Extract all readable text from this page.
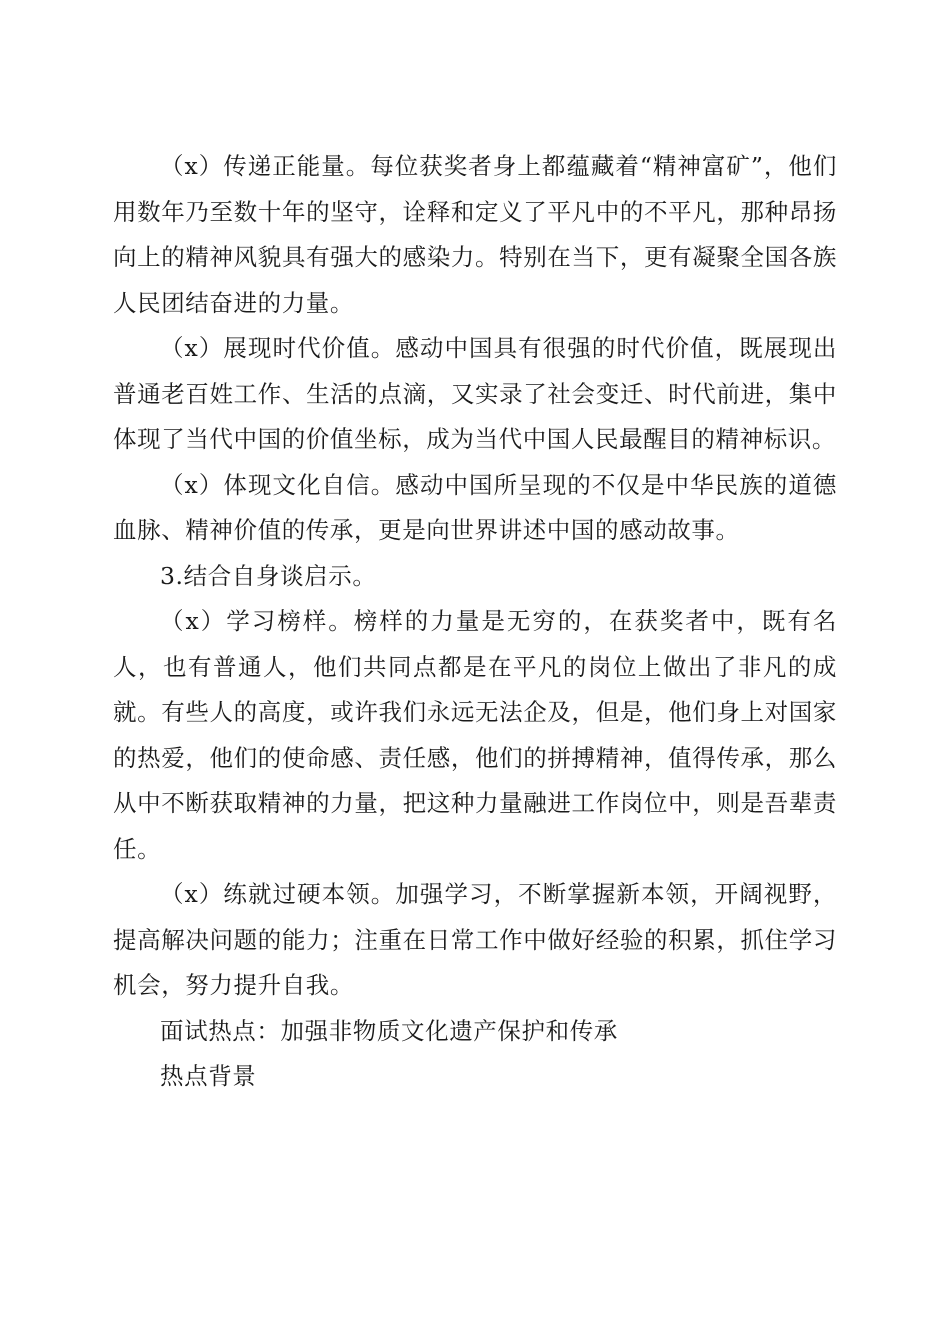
（x）传递正能量。每位获奖者身上都蕴藏着“精神富矿”，他们用数年乃至数十年的坚守，诠释和定义了平凡中的不平凡，那种昂扬向上的精神风貌具有强大的感染力。特别在当下，更有凝聚全国各族人民团结奋进的力量。

（x）展现时代价值。感动中国具有很强的时代价值，既展现出普通老百姓工作、生活的点滴，又实录了社会变迁、时代前进，集中体现了当代中国的价值坐标，成为当代中国人民最醒目的精神标识。

（x）体现文化自信。感动中国所呈现的不仅是中华民族的道德血脉、精神价值的传承，更是向世界讲述中国的感动故事。

3.结合自身谈启示。

（x）学习榜样。榜样的力量是无穷的，在获奖者中，既有名人，也有普通人，他们共同点都是在平凡的岗位上做出了非凡的成就。有些人的高度，或许我们永远无法企及，但是，他们身上对国家的热爱，他们的使命感、责任感，他们的拼搏精神，值得传承，那么从中不断获取精神的力量，把这种力量融进工作岗位中，则是吾辈责任。

（x）练就过硬本领。加强学习，不断掌握新本领，开阔视野，提高解决问题的能力；注重在日常工作中做好经验的积累，抓住学习机会，努力提升自我。

面试热点：加强非物质文化遗产保护和传承

热点背景
